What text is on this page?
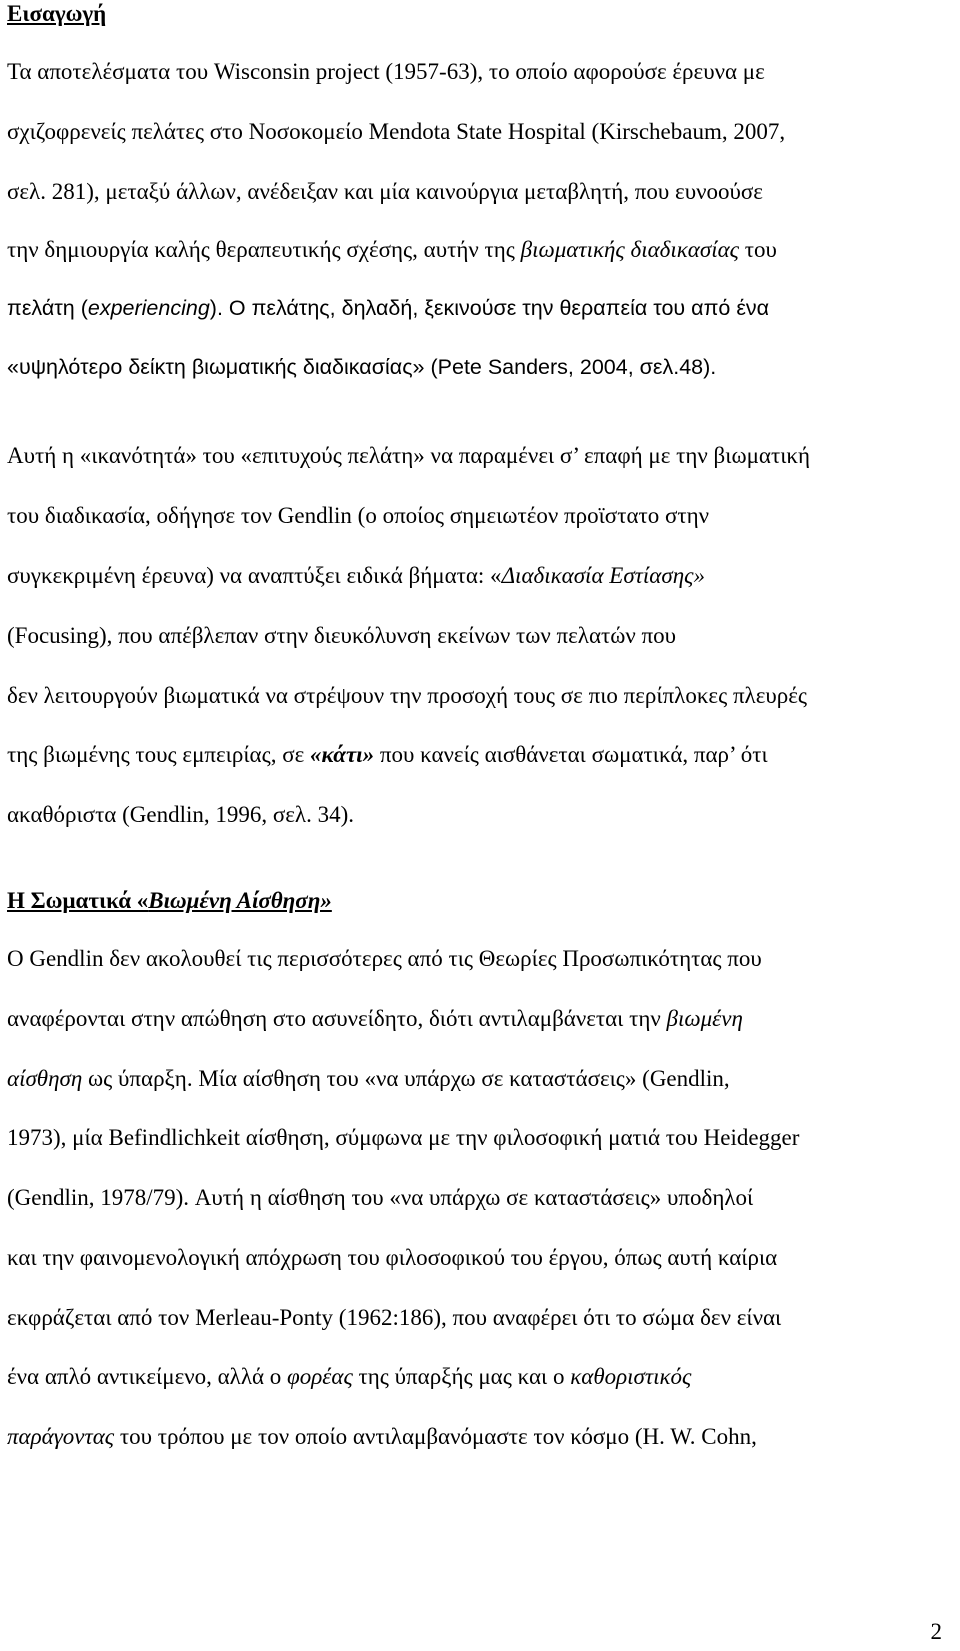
Εισαγωγή
Τα αποτελέσματα του Wisconsin project (1957-63), το οποίο αφορούσε έρευνα με
σχιζοφρενείς πελάτες στο Νοσοκομείο Mendota State Hospital (Kirschebaum, 2007,
σελ. 281), μεταξύ άλλων, ανέδειξαν και μία καινούργια μεταβλητή, που ευνοούσε
την δημιουργία καλής θεραπευτικής σχέσης, αυτήν της βιωματικής διαδικασίας του
πελάτη (experiencing). Ο πελάτης, δηλαδή, ξεκινούσε την θεραπεία του από ένα
«υψηλότερο δείκτη βιωματικής διαδικασίας» (Pete Sanders, 2004, σελ.48).
Αυτή η «ικανότητά» του «επιτυχούς πελάτη» να παραμένει σ’ επαφή με την βιωματική
του διαδικασία, οδήγησε τον Gendlin (ο οποίος σημειωτέον προϊστατο στην
συγκεκριμένη έρευνα) να αναπτύξει ειδικά βήματα: «Διαδικασία Εστίασης»
(Focusing), που απέβλεπαν στην διευκόλυνση εκείνων των πελατών που
δεν λειτουργούν βιωματικά να στρέψουν την προσοχή τους σε πιο περίπλοκες πλευρές
της βιωμένης τους εμπειρίας, σε «κάτι» που κανείς αισθάνεται σωματικά, παρ’ ότι
ακαθόριστα (Gendlin, 1996, σελ. 34).
Η Σωματικά «Βιωμένη Αίσθηση»
Ο Gendlin δεν ακολουθεί τις περισσότερες από τις Θεωρίες Προσωπικότητας που
αναφέρονται στην απώθηση στο ασυνείδητο, διότι αντιλαμβάνεται την βιωμένη
αίσθηση ως ύπαρξη. Μία αίσθηση του «να υπάρχω σε καταστάσεις» (Gendlin,
1973), μία Befindlichkeit αίσθηση, σύμφωνα με την φιλοσοφική ματιά του Heidegger
(Gendlin, 1978/79). Αυτή η αίσθηση του «να υπάρχω σε καταστάσεις» υποδηλοί
και την φαινομενολογική απόχρωση του φιλοσοφικού του έργου, όπως αυτή καίρια
εκφράζεται από τον Merleau-Ponty (1962:186), που αναφέρει ότι το σώμα δεν είναι
ένα απλό αντικείμενο, αλλά ο φορέας της ύπαρξής μας και ο καθοριστικός
παράγοντας του τρόπου με τον οποίο αντιλαμβανόμαστε τον κόσμο (H. W. Cohn,
2
